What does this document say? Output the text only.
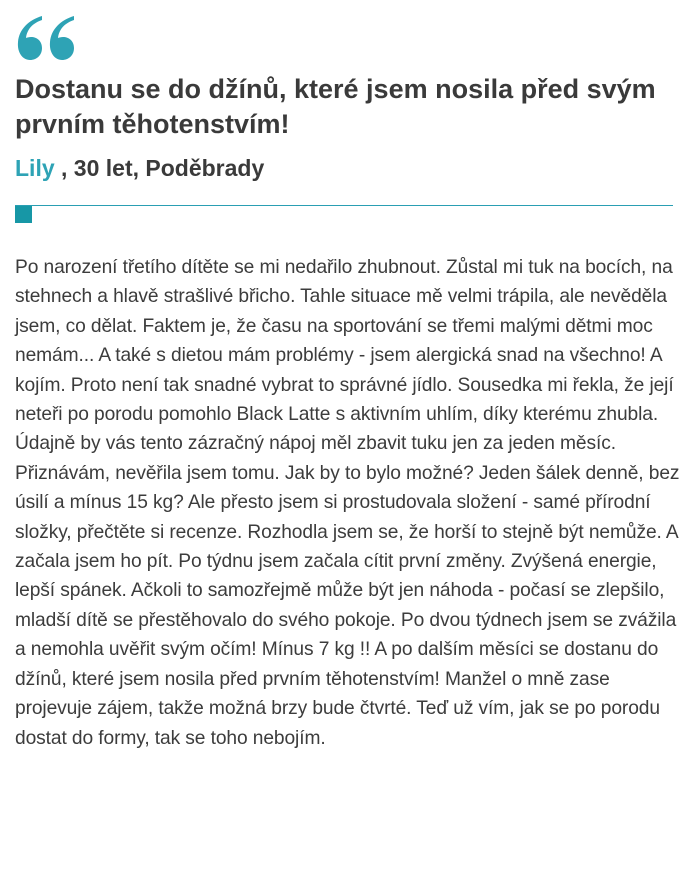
Dostanu se do džínů, které jsem nosila před svým prvním těhotenstvím!

Lily , 30 let, Poděbrady

Po narození třetího dítěte se mi nedařilo zhubnout. Zůstal mi tuk na bocích, na stehnech a hlavě strašlivé břicho. Tahle situace mě velmi trápila, ale nevěděla jsem, co dělat. Faktem je, že času na sportování se třemi malými dětmi moc nemám... A také s dietou mám problémy - jsem alergická snad na všechno! A kojím. Proto není tak snadné vybrat to správné jídlo. Sousedka mi řekla, že její neteři po porodu pomohlo Black Latte s aktivním uhlím, díky kterému zhubla. Údajně by vás tento zázračný nápoj měl zbavit tuku jen za jeden měsíc. Přiznávám, nevěřila jsem tomu. Jak by to bylo možné? Jeden šálek denně, bez úsilí a mínus 15 kg? Ale přesto jsem si prostudovala složení - samé přírodní složky, přečtěte si recenze. Rozhodla jsem se, že horší to stejně být nemůže. A začala jsem ho pít. Po týdnu jsem začala cítit první změny. Zvýšená energie, lepší spánek. Ačkoli to samozřejmě může být jen náhoda - počasí se zlepšilo, mladší dítě se přestěhovalo do svého pokoje. Po dvou týdnech jsem se zvážila a nemohla uvěřit svým očím! Mínus 7 kg !! A po dalším měsíci se dostanu do džínů, které jsem nosila před prvním těhotenstvím! Manžel o mně zase projevuje zájem, takže možná brzy bude čtvrté. Teď už vím, jak se po porodu dostat do formy, tak se toho nebojím.
